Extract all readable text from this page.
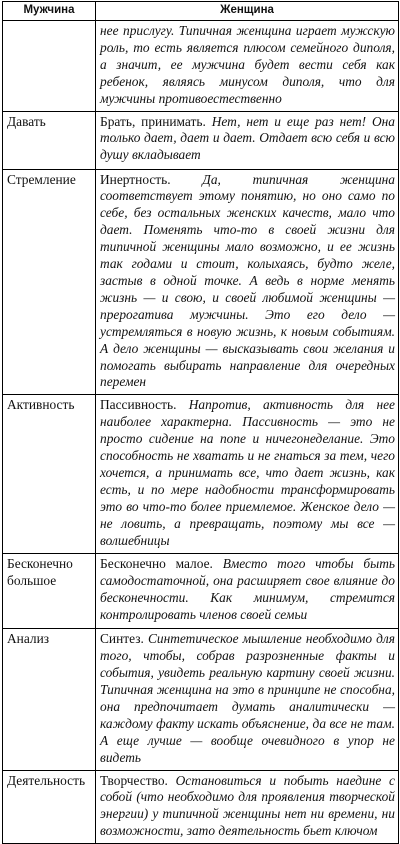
Мужчина	Женщина
	нее прислугу. Типичная женщина играет мужскую роль, то есть является плюсом семейного диполя, а значит, ее мужчина будет вести себя как ребенок, являясь минусом диполя, что для мужчины противоестественно
Давать	Брать, принимать. Нет, нет и еще раз нет! Она только дает, дает и дает. Отдает всю себя и всю душу вкладывает
Стремление	Инертность. Да, типичная женщина соответствует этому понятию, но оно само по себе, без остальных женских качеств, мало что дает. Поменять что-то в своей жизни для типичной женщины мало возможно, и ее жизнь так годами и стоит, колыхаясь, будто желе, застыв в одной точке. А ведь в норме менять жизнь — и свою, и своей любимой женщины — прерогатива мужчины. Это его дело — устремляться в новую жизнь, к новым событиям. А дело женщины — высказывать свои желания и помогать выбирать направление для очередных перемен
Активность	Пассивность. Напротив, активность для нее наиболее характерна. Пассивность — это не просто сидение на попе и ничегонеделание. Это способность не хватать и не гнаться за тем, чего хочется, а принимать все, что дает жизнь, как есть, и по мере надобности трансформировать это во что-то более приемлемое. Женское дело — не ловить, а превращать, поэтому мы все — волшебницы
Бесконечно большое	Бесконечно малое. Вместо того чтобы быть самодостаточной, она расширяет свое влияние до бесконечности. Как минимум, стремится контролировать членов своей семьи
Анализ	Синтез. Синтетическое мышление необходимо для того, чтобы, собрав разрозненные факты и события, увидеть реальную картину своей жизни. Типичная женщина на это в принципе не способна, она предпочитает думать аналитически — каждому факту искать объяснение, да все не там. А еще лучше — вообще очевидного в упор не видеть
Деятельность	Творчество. Остановиться и побыть наедине с собой (что необходимо для проявления творческой энергии) у типичной женщины нет ни времени, ни возможности, зато деятельность бьет ключом
